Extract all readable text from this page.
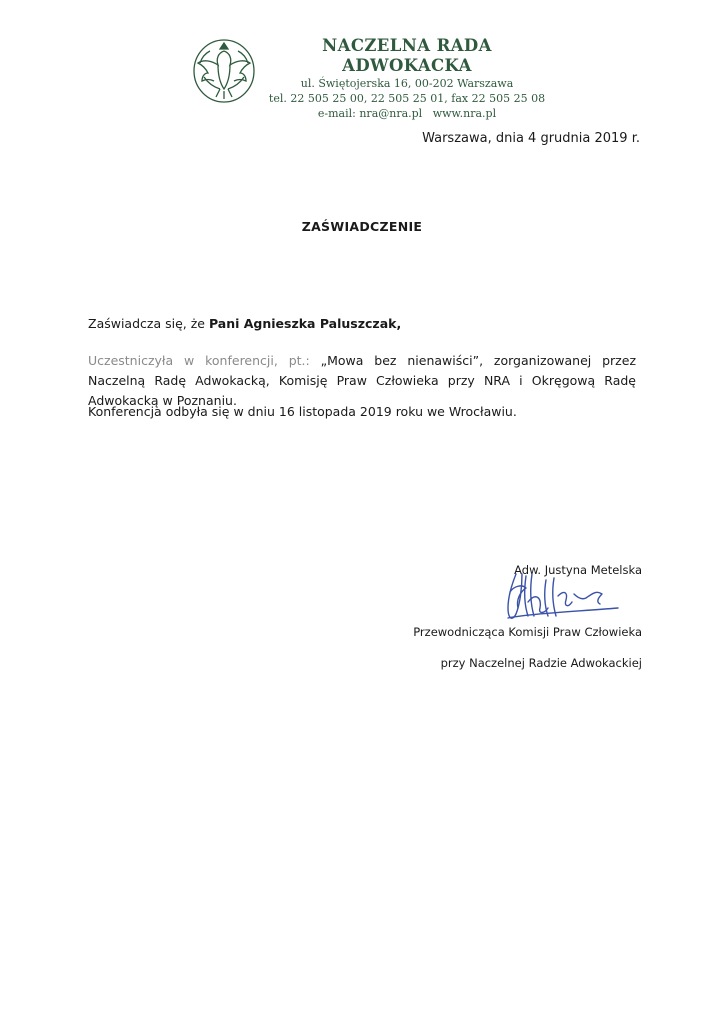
NACZELNA RADA ADWOKACKA
ul. Świętojerska 16, 00-202 Warszawa
tel. 22 505 25 00, 22 505 25 01, fax 22 505 25 08
e-mail: nra@nra.pl   www.nra.pl
Warszawa, dnia 4 grudnia 2019 r.
ZAŚWIADCZENIE
Zaświadcza się, że Pani Agnieszka Paluszczak,
Uczestniczyła w konferencji, pt.: „Mowa bez nienawiści”, zorganizowanej przez Naczelną Radę Adwokacką, Komisję Praw Człowieka przy NRA i Okręgową Radę Adwokacką w Poznaniu.
Konferencja odbyła się w dniu 16 listopada 2019 roku we Wrocławiu.
Adw. Justyna Metelska
Przewodnicząca Komisji Praw Człowieka
przy Naczelnej Radzie Adwokackiej
